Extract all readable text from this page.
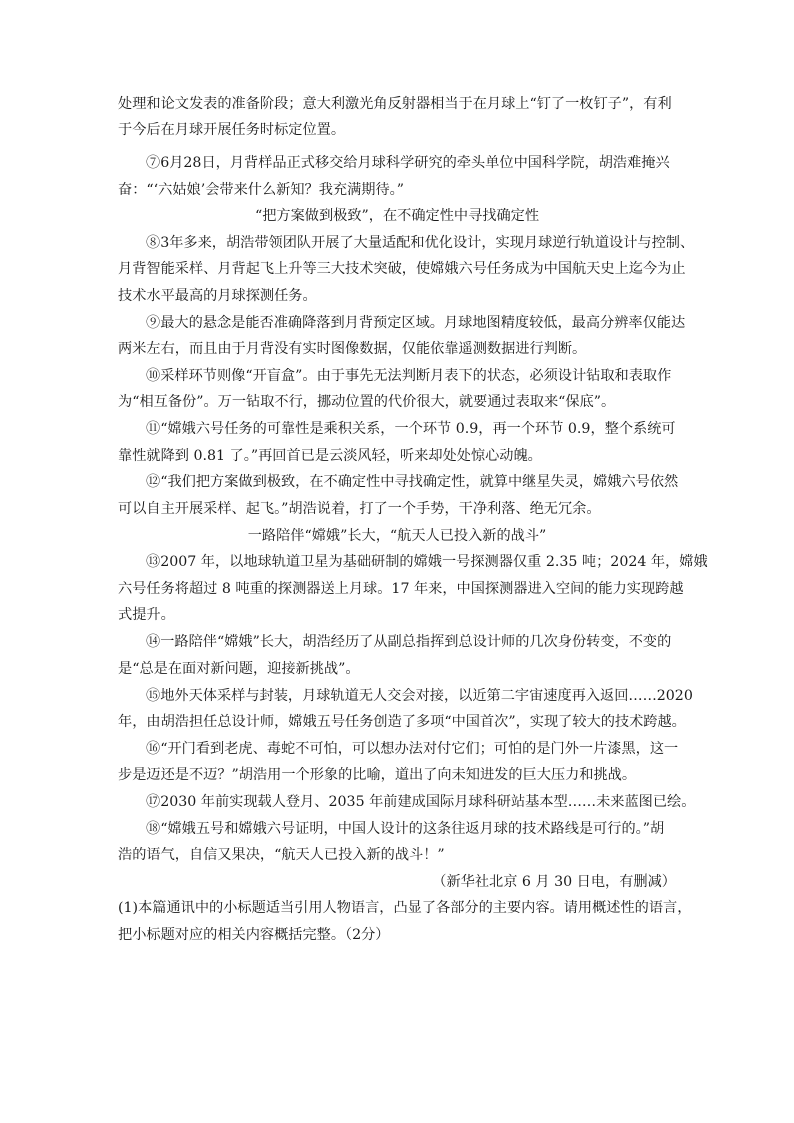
处理和论文发表的准备阶段；意大利激光角反射器相当于在月球上“钉了一枚钉子”，有利
于今后在月球开展任务时标定位置。
⑦6月28日，月背样品正式移交给月球科学研究的牵头单位中国科学院，胡浩难掩兴
奋：“‘六姑娘’会带来什么新知？我充满期待。”
“把方案做到极致”，在不确定性中寻找确定性
⑧3年多来，胡浩带领团队开展了大量适配和优化设计，实现月球逆行轨道设计与控制、
月背智能采样、月背起飞上升等三大技术突破，使嫦娥六号任务成为中国航天史上迄今为止
技术水平最高的月球探测任务。
⑨最大的悬念是能否准确降落到月背预定区域。月球地图精度较低，最高分辨率仅能达
两米左右，而且由于月背没有实时图像数据，仅能依靠遥测数据进行判断。
⑩采样环节则像“开盲盒”。由于事先无法判断月表下的状态，必须设计钻取和表取作
为“相互备份”。万一钻取不行，挪动位置的代价很大，就要通过表取来“保底”。
⑪“嫦娥六号任务的可靠性是乘积关系，一个环节 0.9，再一个环节 0.9，整个系统可
靠性就降到 0.81 了。”再回首已是云淡风轻，听来却处处惊心动魄。
⑫“我们把方案做到极致，在不确定性中寻找确定性，就算中继星失灵，嫦娥六号依然
可以自主开展采样、起飞。”胡浩说着，打了一个手势，干净利落、绝无冗余。
一路陪伴“嫦娥”长大，“航天人已投入新的战斗”
⑬2007 年，以地球轨道卫星为基础研制的嫦娥一号探测器仅重 2.35 吨；2024 年，嫦娥
六号任务将超过 8 吨重的探测器送上月球。17 年来，中国探测器进入空间的能力实现跨越
式提升。
⑭一路陪伴“嫦娥”长大，胡浩经历了从副总指挥到总设计师的几次身份转变，不变的
是“总是在面对新问题，迎接新挑战”。
⑮地外天体采样与封装，月球轨道无人交会对接，以近第二宇宙速度再入返回……2020
年，由胡浩担任总设计师，嫦娥五号任务创造了多项“中国首次”，实现了较大的技术跨越。
⑯“开门看到老虎、毒蛇不可怕，可以想办法对付它们；可怕的是门外一片漆黑，这一
步是迈还是不迈？”胡浩用一个形象的比喻，道出了向未知进发的巨大压力和挑战。
⑰2030 年前实现载人登月、2035 年前建成国际月球科研站基本型……未来蓝图已绘。
⑱“嫦娥五号和嫦娥六号证明，中国人设计的这条往返月球的技术路线是可行的。”胡
浩的语气，自信又果决，“航天人已投入新的战斗！”
（新华社北京 6 月 30 日电，有删减）
(1)本篇通讯中的小标题适当引用人物语言，凸显了各部分的主要内容。请用概述性的语言，
把小标题对应的相关内容概括完整。（2分）
